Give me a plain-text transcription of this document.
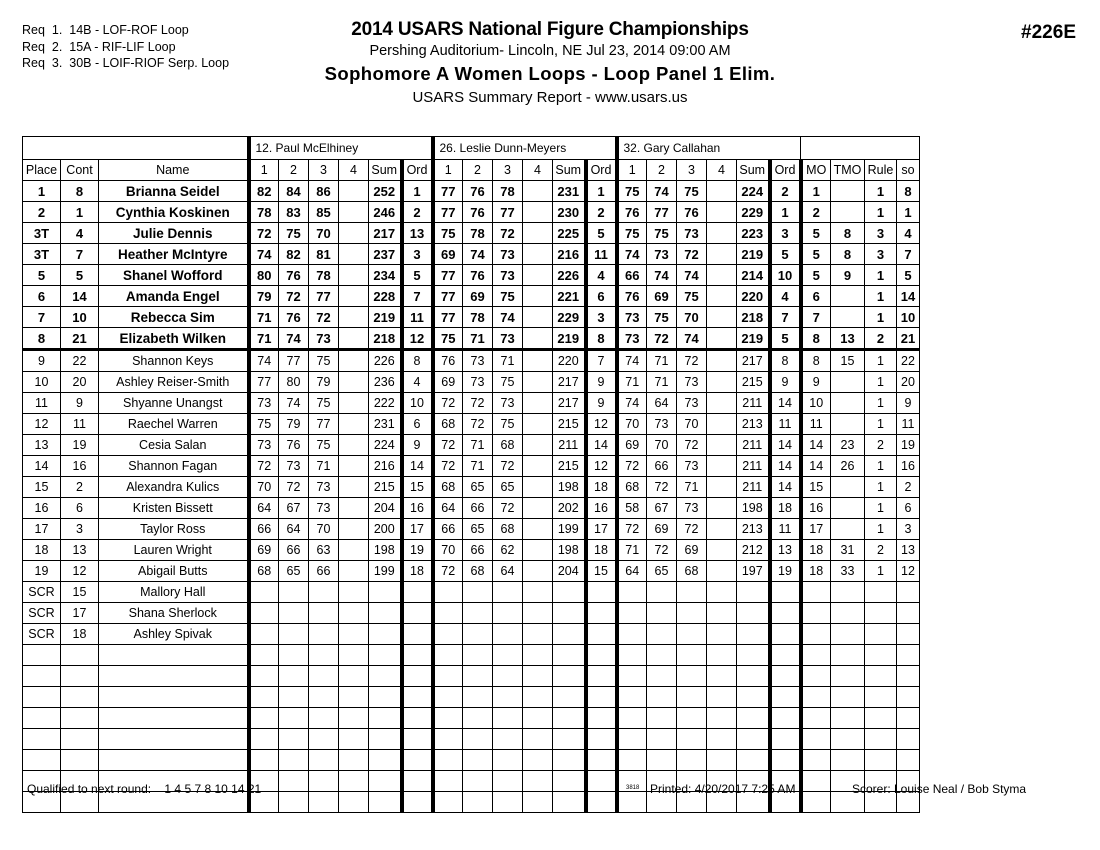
Req  1.  14B - LOF-ROF Loop
Req  2.  15A - RIF-LIF Loop
Req  3.  30B - LOIF-RIOF Serp. Loop
2014 USARS National Figure Championships
Pershing Auditorium- Lincoln, NE Jul 23, 2014 09:00 AM
Sophomore A Women Loops - Loop Panel 1 Elim.
USARS Summary Report - www.usars.us
#226E
			12. Paul McElhiney						26. Leslie Dunn-Meyers						32. Gary Callahan									
Place	Cont	Name	1	2	3	4	Sum	Ord	1	2	3	4	Sum	Ord	1	2	3	4	Sum	Ord	MO	TMO	Rule	so
1	8	Brianna Seidel	82	84	86		252	1	77	76	78		231	1	75	74	75		224	2	1		1	8
2	1	Cynthia Koskinen	78	83	85		246	2	77	76	77		230	2	76	77	76		229	1	2		1	1
3T	4	Julie Dennis	72	75	70		217	13	75	78	72		225	5	75	75	73		223	3	5	8	3	4
3T	7	Heather McIntyre	74	82	81		237	3	69	74	73		216	11	74	73	72		219	5	5	8	3	7
5	5	Shanel Wofford	80	76	78		234	5	77	76	73		226	4	66	74	74		214	10	5	9	1	5
6	14	Amanda Engel	79	72	77		228	7	77	69	75		221	6	76	69	75		220	4	6		1	14
7	10	Rebecca Sim	71	76	72		219	11	77	78	74		229	3	73	75	70		218	7	7		1	10
8	21	Elizabeth Wilken	71	74	73		218	12	75	71	73		219	8	73	72	74		219	5	8	13	2	21
9	22	Shannon Keys	74	77	75		226	8	76	73	71		220	7	74	71	72		217	8	8	15	1	22
10	20	Ashley Reiser-Smith	77	80	79		236	4	69	73	75		217	9	71	71	73		215	9	9		1	20
11	9	Shyanne Unangst	73	74	75		222	10	72	72	73		217	9	74	64	73		211	14	10		1	9
12	11	Raechel Warren	75	79	77		231	6	68	72	75		215	12	70	73	70		213	11	11		1	11
13	19	Cesia Salan	73	76	75		224	9	72	71	68		211	14	69	70	72		211	14	14	23	2	19
14	16	Shannon Fagan	72	73	71		216	14	72	71	72		215	12	72	66	73		211	14	14	26	1	16
15	2	Alexandra Kulics	70	72	73		215	15	68	65	65		198	18	68	72	71		211	14	15		1	2
16	6	Kristen Bissett	64	67	73		204	16	64	66	72		202	16	58	67	73		198	18	16		1	6
17	3	Taylor Ross	66	64	70		200	17	66	65	68		199	17	72	69	72		213	11	17		1	3
18	13	Lauren Wright	69	66	63		198	19	70	66	62		198	18	71	72	69		212	13	18	31	2	13
19	12	Abigail Butts	68	65	66		199	18	72	68	64		204	15	64	65	68		197	19	18	33	1	12
SCR	15	Mallory Hall																						
SCR	17	Shana Sherlock																						
SCR	18	Ashley Spivak																						

Qualified to next round: 1 4 5 7 8 10 14 21	3818 Printed: 4/20/2017 7:25 AM	Scorer: Louise Neal / Bob Styma
